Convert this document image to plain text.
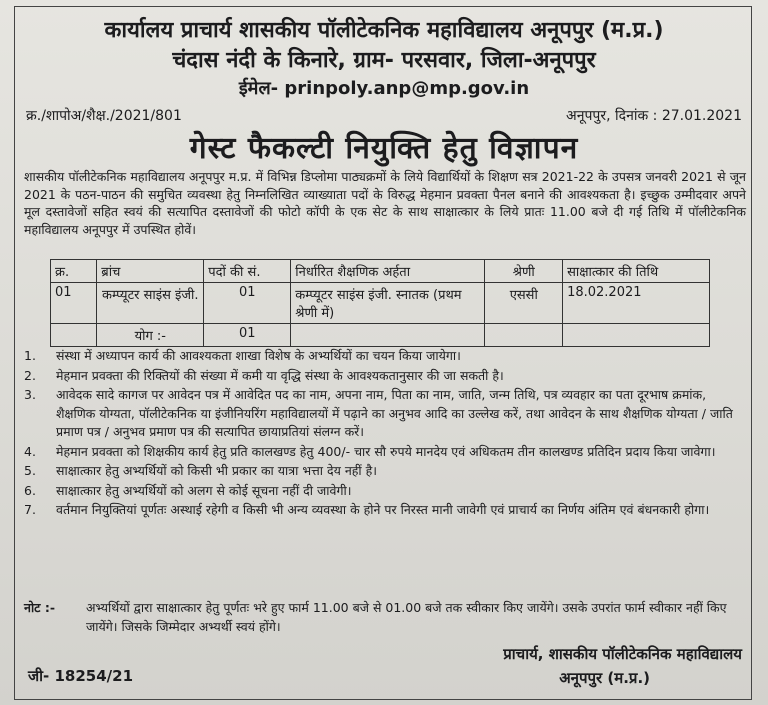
कार्यालय प्राचार्य शासकीय पॉलीटेकनिक महाविद्यालय अनूपपुर (म.प्र.)
चंदास नंदी के किनारे, ग्राम- परसवार, जिला-अनूपपुर
ईमेल- prinpoly.anp@mp.gov.in
क्र./शापोअ/शैक्ष./2021/801	अनूपपुर, दिनांक : 27.01.2021
गेस्ट फैकल्टी नियुक्ति हेतु विज्ञापन
शासकीय पॉलीटेकनिक महाविद्यालय अनूपपुर म.प्र. में विभिन्न डिप्लोमा पाठ्यक्रमों के लिये विद्यार्थियों के शिक्षण सत्र 2021-22 के उपसत्र जनवरी 2021 से जून 2021 के पठन-पाठन की समुचित व्यवस्था हेतु निम्नलिखित व्याख्याता पदों के विरुद्ध मेहमान प्रवक्ता पैनल बनाने की आवश्यकता है। इच्छुक उम्मीदवार अपने मूल दस्तावेजों सहित स्वयं की सत्यापित दस्तावेजों की फोटो कॉपी के एक सेट के साथ साक्षात्कार के लिये प्रातः 11.00 बजे दी गई तिथि में पॉलीटेकनिक महाविद्यालय अनूपपुर में उपस्थित होवें।
क्र.	ब्रांच	पदों की सं.	निर्धारित शैक्षणिक अर्हता	श्रेणी	साक्षात्कार की तिथि
01	कम्प्यूटर साइंस इंजी.	01	कम्प्यूटर साइंस इंजी. स्नातक (प्रथम श्रेणी में)	एससी	18.02.2021
	योग :-	01			
1. संस्था में अध्यापन कार्य की आवश्यकता शाखा विशेष के अभ्यर्थियों का चयन किया जायेगा।
2. मेहमान प्रवक्ता की रिक्तियों की संख्या में कमी या वृद्धि संस्था के आवश्यकतानुसार की जा सकती है।
3. आवेदक सादे कागज पर आवेदन पत्र में आवेदित पद का नाम, अपना नाम, पिता का नाम, जाति, जन्म तिथि, पत्र व्यवहार का पता दूरभाष क्रमांक, शैक्षणिक योग्यता, पॉलीटेकनिक या इंजीनियरिंग महाविद्यालयों में पढ़ाने का अनुभव आदि का उल्लेख करें, तथा आवेदन के साथ शैक्षणिक योग्यता / जाति प्रमाण पत्र / अनुभव प्रमाण पत्र की सत्यापित छायाप्रतियां संलग्न करें।
4. मेहमान प्रवक्ता को शिक्षकीय कार्य हेतु प्रति कालखण्ड हेतु 400/- चार सौ रुपये मानदेय एवं अधिकतम तीन कालखण्ड प्रतिदिन प्रदाय किया जावेगा।
5. साक्षात्कार हेतु अभ्यर्थियों को किसी भी प्रकार का यात्रा भत्ता देय नहीं है।
6. साक्षात्कार हेतु अभ्यर्थियों को अलग से कोई सूचना नहीं दी जावेगी।
7. वर्तमान नियुक्तियां पूर्णतः अस्थाई रहेगी व किसी भी अन्य व्यवस्था के होने पर निरस्त मानी जावेगी एवं प्राचार्य का निर्णय अंतिम एवं बंधनकारी होगा।
नोट :- अभ्यर्थियों द्वारा साक्षात्कार हेतु पूर्णतः भरे हुए फार्म 11.00 बजे से 01.00 बजे तक स्वीकार किए जायेंगे। उसके उपरांत फार्म स्वीकार नहीं किए जायेंगे। जिसके जिम्मेदार अभ्यर्थी स्वयं होंगे।
जी- 18254/21
प्राचार्य, शासकीय पॉलीटेकनिक महाविद्यालय
अनूपपुर (म.प्र.)
